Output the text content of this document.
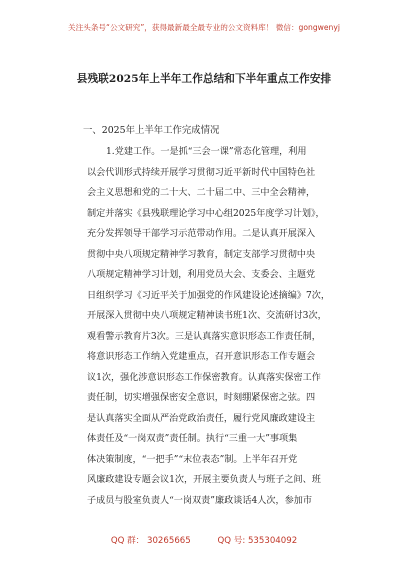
关注头条号“公文研究”，获得最新最全最专业的公文资料库！ 微信：gongwenyj
县残联2025年上半年工作总结和下半年重点工作安排
一、2025年上半年工作完成情况
1.党建工作。一是抓“三会一课”常态化管理，利用
以会代训形式持续开展学习贯彻习近平新时代中国特色社
会主义思想和党的二十大、二十届二中、三中全会精神，
制定并落实《县残联理论学习中心组2025年度学习计划》，
充分发挥领导干部学习示范带动作用。二是认真开展深入
贯彻中央八项规定精神学习教育，制定支部学习贯彻中央
八项规定精神学习计划，利用党员大会、支委会、主题党
日组织学习《习近平关于加强党的作风建设论述摘编》7次，
开展深入贯彻中央八项规定精神读书班1次、交流研讨3次，
观看警示教育片3次。三是认真落实意识形态工作责任制，
将意识形态工作纳入党建重点，召开意识形态工作专题会
议1次，强化涉意识形态工作保密教育。认真落实保密工作
责任制，切实增强保密安全意识，时刻绷紧保密之弦。四
是认真落实全面从严治党政治责任，履行党风廉政建设主
体责任及“一岗双责”责任制。执行“三重一大”事项集
体决策制度，“一把手”“末位表态”制。上半年召开党
风廉政建设专题会议1次，开展主要负责人与班子之间、班
子成员与股室负责人“一岗双责”廉政谈话4人次，参加市
QQ 群： 30265665	QQ 号: 535304092
